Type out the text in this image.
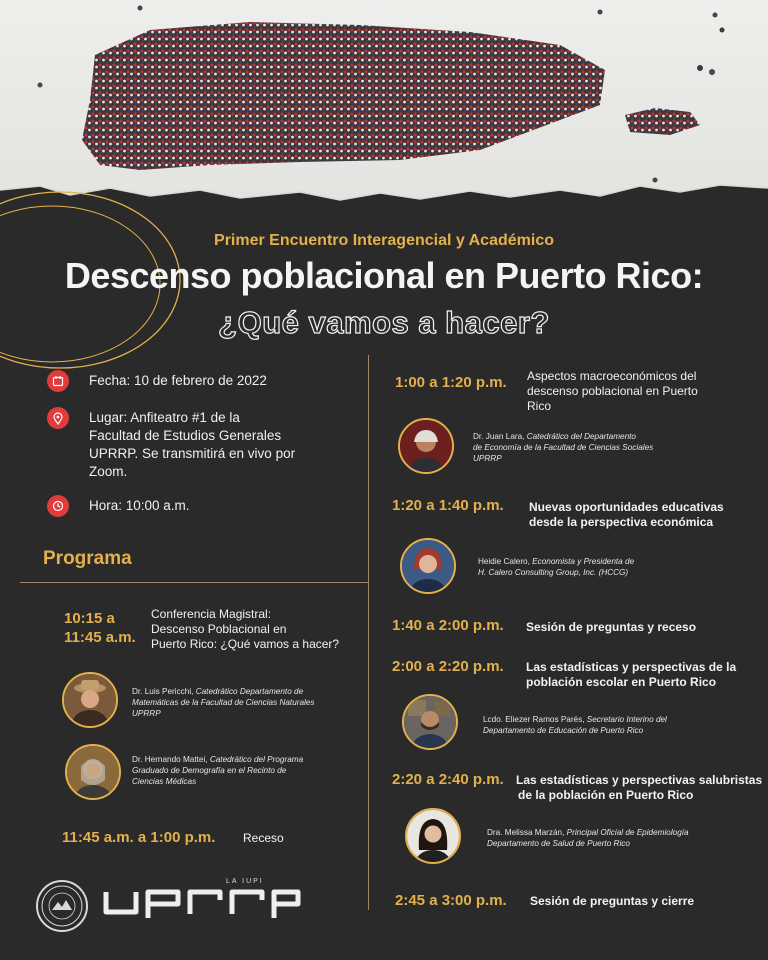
Primer Encuentro Interagencial y Académico
Descenso poblacional en Puerto Rico:
¿Qué vamos a hacer?
Fecha: 10 de febrero de 2022
Lugar: Anfiteatro #1 de la
Facultad de Estudios Generales
UPRRP. Se transmitirá en vivo por
Zoom.
Hora: 10:00 a.m.
Programa
10:15 a
11:45 a.m.
Conferencia Magistral:
Descenso Poblacional en
Puerto Rico: ¿Qué vamos a hacer?
Dr. Luis Pericchi, Catedrático Departamento de
Matemáticas de la Facultad de Ciencias Naturales
UPRRP
Dr. Hernando Mattei, Catedrático del Programa
Graduado de Demografía en el Recinto de
Ciencias Médicas
11:45 a.m. a 1:00 p.m. Receso
1:00 a 1:20 p.m. Aspectos macroeconómicos del
descenso poblacional en Puerto
Rico
Dr. Juan Lara, Catedrático del Departamento
de Economía de la Facultad de Ciencias Sociales
UPRRP
1:20 a 1:40 p.m. Nuevas oportunidades educativas
desde la perspectiva económica
Heidie Calero, Economista y Presidenta de
H. Calero Consulting Group, Inc. (HCCG)
1:40 a 2:00 p.m. Sesión de preguntas y receso
2:00 a 2:20 p.m. Las estadísticas y perspectivas de la
población escolar en Puerto Rico
Lcdo. Eliezer Ramos Parés, Secretario Interino del
Departamento de Educación de Puerto Rico
2:20 a 2:40 p.m. Las estadísticas y perspectivas salubristas
de la población en Puerto Rico
Dra. Melissa Marzán, Principal Oficial de Epidemiología
Departamento de Salud de Puerto Rico
2:45 a 3:00 p.m. Sesión de preguntas y cierre
LA IUPI
